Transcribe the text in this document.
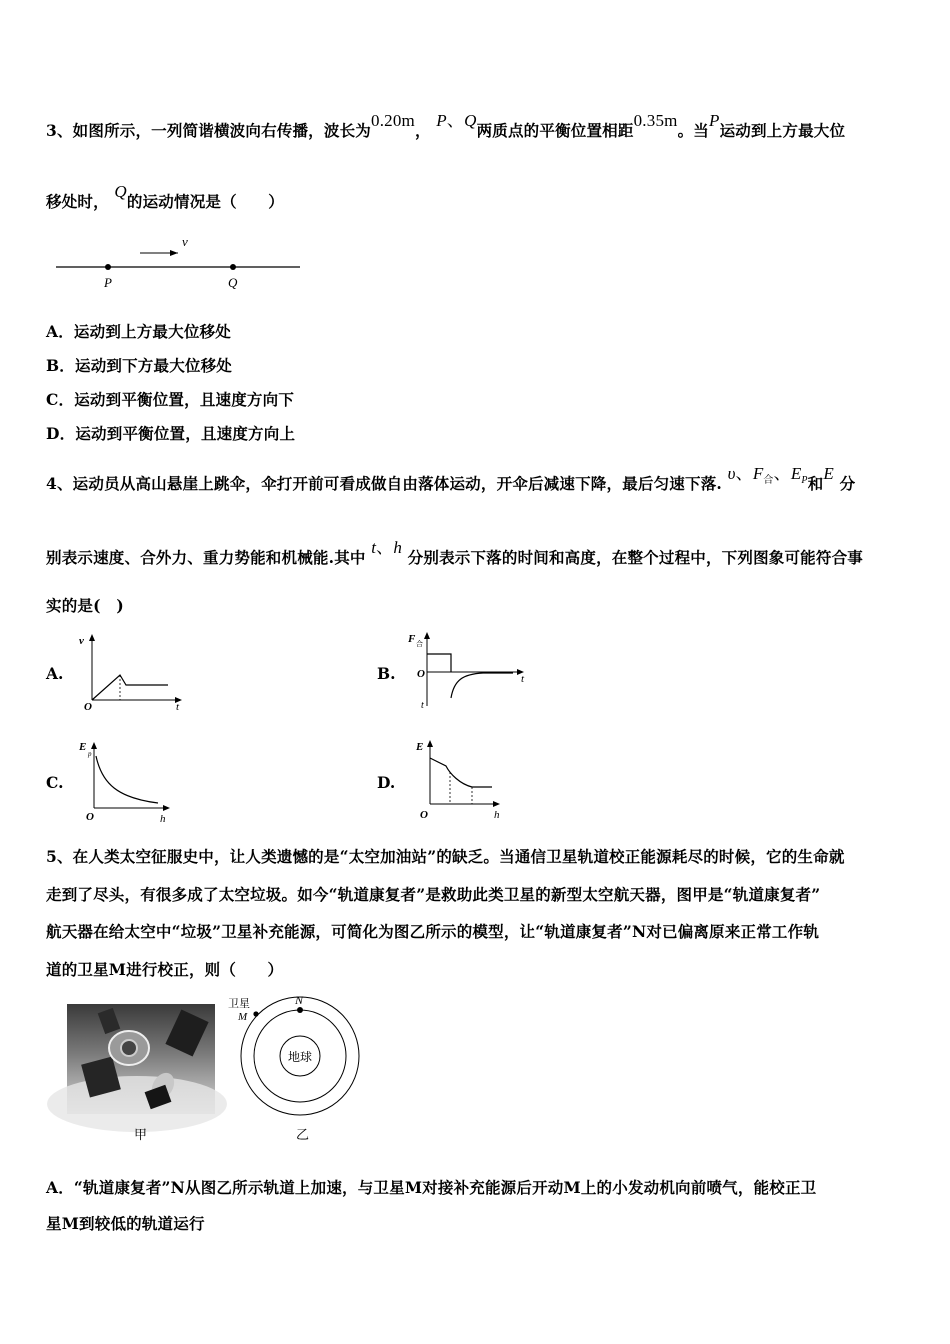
3、如图所示，一列简谐横波向右传播，波长为0.20m， P、Q两质点的平衡位置相距0.35m。当P运动到上方最大位
移处时， Q的运动情况是（　　）
v
P	Q
A．运动到上方最大位移处
B．运动到下方最大位移处
C．运动到平衡位置，且速度方向下
D．运动到平衡位置，且速度方向上
4、运动员从高山悬崖上跳伞，伞打开前可看成做自由落体运动，开伞后减速下降，最后匀速下落. υ、$F^合$、$E^P$和E 分
别表示速度、合外力、重力势能和机械能.其中 t、h 分别表示下落的时间和高度，在整个过程中，下列图象可能符合事
实的是(　)
A.
v
O	t
B.
F 合
O	t
t
C.
E
p
O	h
D.
E
O	h
5、在人类太空征服史中，让人类遗憾的是“太空加油站”的缺乏。当通信卫星轨道校正能源耗尽的时候，它的生命就
走到了尽头，有很多成了太空垃圾。如今“轨道康复者”是救助此类卫星的新型太空航天器，图甲是“轨道康复者”
航天器在给太空中“垃圾”卫星补充能源，可简化为图乙所示的模型，让“轨道康复者”N对已偏离原来正常工作轨
道的卫星M进行校正，则（　　）
甲
地球
N
卫星
M
乙
A．“轨道康复者”N从图乙所示轨道上加速，与卫星M对接补充能源后开动M上的小发动机向前喷气，能校正卫
星M到较低的轨道运行
